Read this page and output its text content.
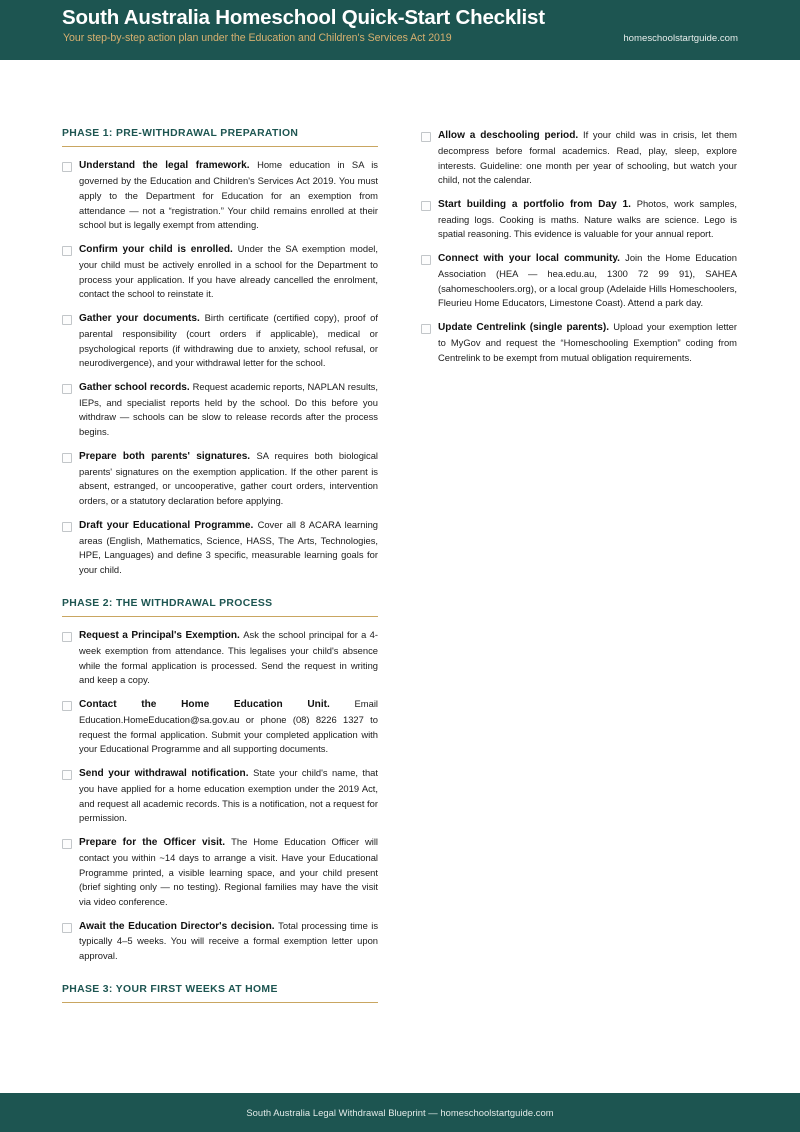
South Australia Homeschool Quick-Start Checklist
Your step-by-step action plan under the Education and Children's Services Act 2019	homeschoolstartguide.com
PHASE 1: PRE-WITHDRAWAL PREPARATION
Understand the legal framework.Home education in SA is governed by the Education and Children's Services Act 2019. You must apply to the Department for Education for an exemption from attendance — not a “registration.” Your child remains enrolled at their school but is legally exempt from attending.
Confirm your child is enrolled.Under the SA exemption model, your child must be actively enrolled in a school for the Department to process your application. If you have already cancelled the enrolment, contact the school to reinstate it.
Gather your documents.Birth certificate (certified copy), proof of parental responsibility (court orders if applicable), medical or psychological reports (if withdrawing due to anxiety, school refusal, or neurodivergence), and your withdrawal letter for the school.
Gather school records.Request academic reports, NAPLAN results, IEPs, and specialist reports held by the school. Do this before you withdraw — schools can be slow to release records after the process begins.
Prepare both parents' signatures.SA requires both biological parents' signatures on the exemption application. If the other parent is absent, estranged, or uncooperative, gather court orders, intervention orders, or a statutory declaration before applying.
Draft your Educational Programme.Cover all 8 ACARA learning areas (English, Mathematics, Science, HASS, The Arts, Technologies, HPE, Languages) and define 3 specific, measurable learning goals for your child.
PHASE 2: THE WITHDRAWAL PROCESS
Request a Principal's Exemption.Ask the school principal for a 4-week exemption from attendance. This legalises your child's absence while the formal application is processed. Send the request in writing and keep a copy.
Contact the Home Education Unit.	Email Education.HomeEducation@sa.gov.au or phone (08) 8226 1327 to request the formal application. Submit your completed application with your Educational Programme and all supporting documents.
Send your withdrawal notification.State your child's name, that you have applied for a home education exemption under the 2019 Act, and request all academic records. This is a notification, not a request for permission.
Prepare for the Officer visit.The Home Education Officer will contact you within ~14 days to arrange a visit. Have your Educational Programme printed, a visible learning space, and your child present (brief sighting only — no testing). Regional families may have the visit via video conference.
Await the Education Director's decision.Total processing time is typically 4–5 weeks. You will receive a formal exemption letter upon approval.
PHASE 3: YOUR FIRST WEEKS AT HOME
Allow a deschooling period.If your child was in crisis, let them decompress before formal academics. Read, play, sleep, explore interests. Guideline: one month per year of schooling, but watch your child, not the calendar.
Start building a portfolio from Day 1.Photos, work samples, reading logs. Cooking is maths. Nature walks are science. Lego is spatial reasoning. This evidence is valuable for your annual report.
Connect with your local community.Join the Home Education Association (HEA — hea.edu.au, 1300 72 99 91), SAHEA (sahomeschoolers.org), or a local group (Adelaide Hills Homeschoolers, Fleurieu Home Educators, Limestone Coast). Attend a park day.
Update Centrelink (single parents).Upload your exemption letter to MyGov and request the “Homeschooling Exemption” coding from Centrelink to be exempt from mutual obligation requirements.
South Australia Legal Withdrawal Blueprint — homeschoolstartguide.com
